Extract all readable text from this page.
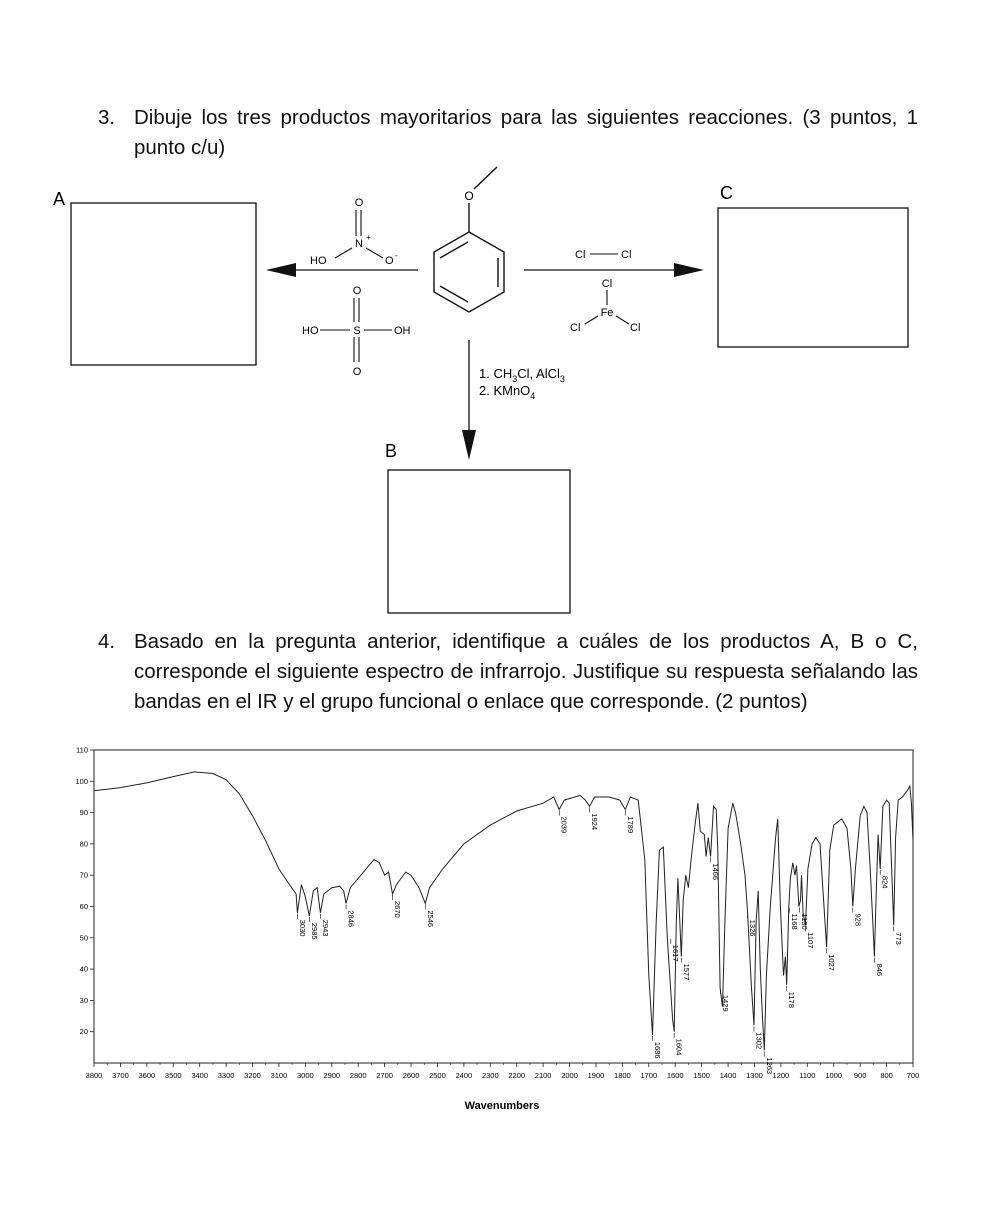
3. Dibuje los tres productos mayoritarios para las siguientes reacciones. (3 puntos, 1 punto c/u)
A	C
B
O
O
N
+
HO	O -
O
HO	S	OH
O
Cl	Cl
Cl
Fe
Cl	Cl
1. $CH_3Cl$, AlCl$_3$
2. KMnO$_4$
4. Basado en la pregunta anterior, identifique a cuáles de los productos A, B o C, corresponde el siguiente espectro de infrarrojo. Justifique su respuesta señalando las bandas en el IR y el grupo funcional o enlace que corresponde. (2 puntos)
3800 3700 3600 3500 3400 3300 3200 3100 3000 2900 2800 2700 2600 2500 2400 2300 2200 2100 2000 1900 1800 1700 1600 1500 1400 1300 1200 1100 1000 900 800 700
20
30
40
50
60
70
80
90
100
110
3030 2985 2943
2846
2670
2546
2039	1924	1789
1686 1604
1617
1577
1466
1429
1326
1302
1263
1178
1168 1130
1107
1027
928
846
824
773
Wavenumbers
